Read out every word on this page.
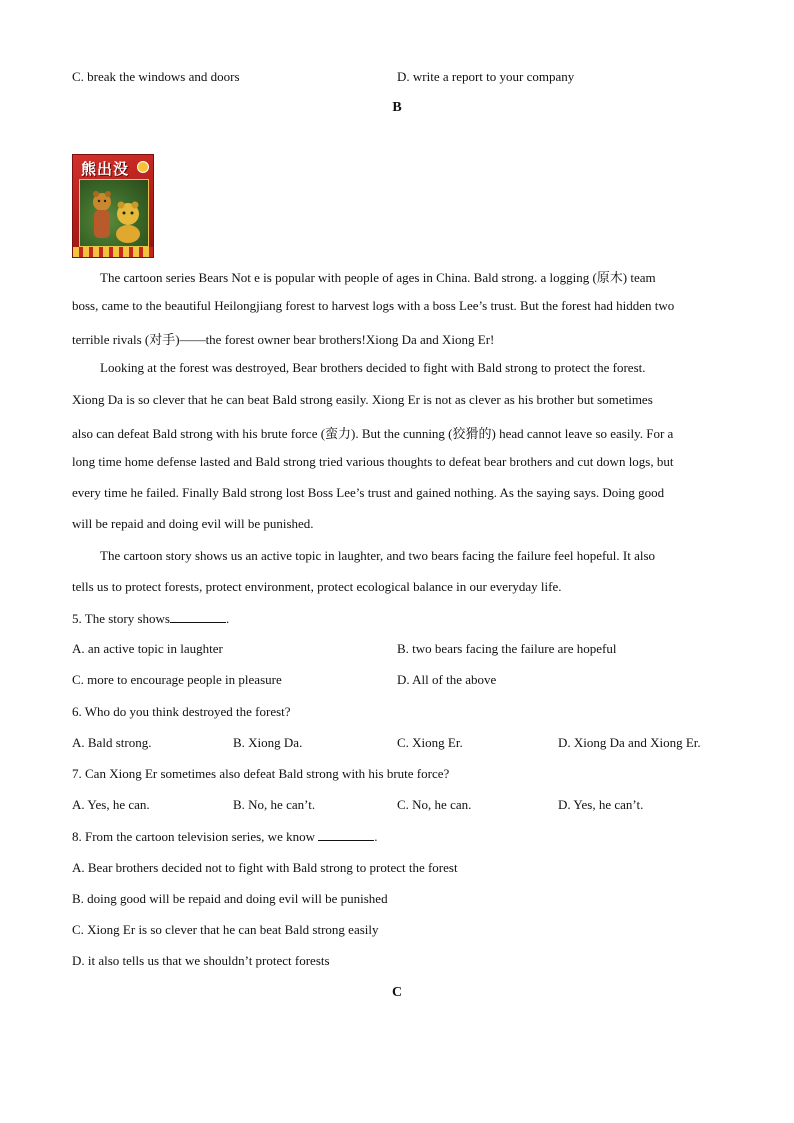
C. break the windows and doors	D. write a report to your company
B
熊出没
The cartoon series Bears Not e is popular with people of ages in China. Bald strong. a logging (原木) team
boss, came to the beautiful Heilongjiang forest to harvest logs with a boss Lee’s trust. But the forest had hidden two
terrible rivals (对手)——the forest owner bear brothers!Xiong Da and Xiong Er!
Looking at the forest was destroyed, Bear brothers decided to fight with Bald strong to protect the forest.
Xiong Da is so clever that he can beat Bald strong easily. Xiong Er is not as clever as his brother but sometimes
also can defeat Bald strong with his brute force (蛮力). But the cunning (狡猾的) head cannot leave so easily. For a
long time home defense lasted and Bald strong tried various thoughts to defeat bear brothers and cut down logs, but
every time he failed. Finally Bald strong lost Boss Lee’s trust and gained nothing. As the saying says. Doing good
will be repaid and doing evil will be punished.
The cartoon story shows us an active topic in laughter, and two bears facing the failure feel hopeful. It also
tells us to protect forests, protect environment, protect ecological balance in our everyday life.
5. The story shows	.
A. an active topic in laughter	B. two bears facing the failure are hopeful
C. more to encourage people in pleasure	D. All of the above
6. Who do you think destroyed the forest?
A. Bald strong.	B. Xiong Da.	C. Xiong Er.	D. Xiong Da and Xiong Er.
7. Can Xiong Er sometimes also defeat Bald strong with his brute force?
A. Yes, he can.	B. No, he can’t.	C. No, he can.	D. Yes, he can’t.
8. From the cartoon television series, we know	.
A. Bear brothers decided not to fight with Bald strong to protect the forest
B. doing good will be repaid and doing evil will be punished
C. Xiong Er is so clever that he can beat Bald strong easily
D. it also tells us that we shouldn’t protect forests
C
